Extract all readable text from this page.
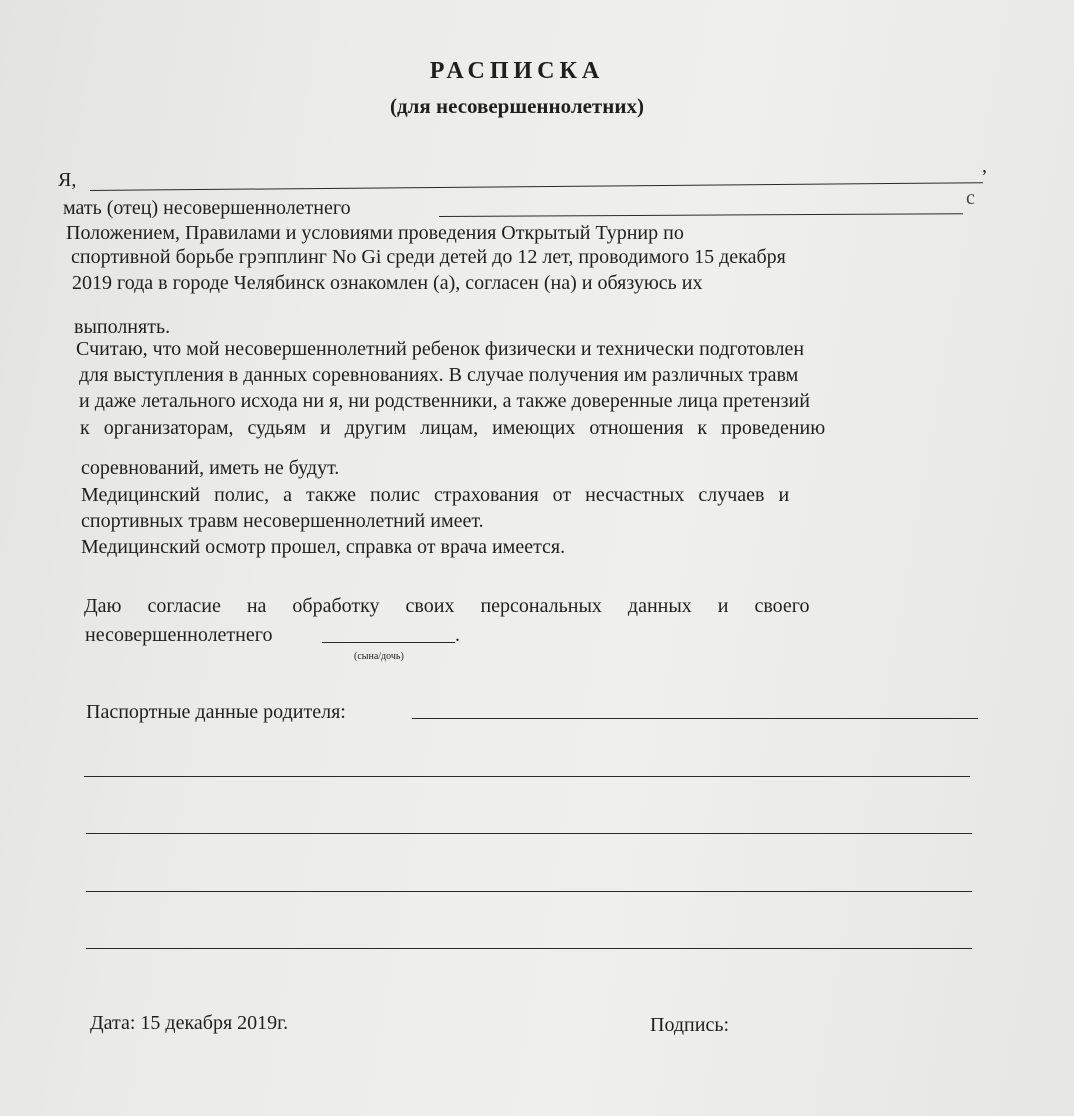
РАСПИСКА
(для несовершеннолетних)
Я,
,
мать (отец) несовершеннолетнего	с
Положением, Правилами и условиями проведения Открытый Турнир по
спортивной борьбе грэпплинг No Gi среди детей до 12 лет, проводимого 15 декабря
2019 года в городе Челябинск ознакомлен (а), согласен (на) и обязуюсь их
выполнять.
Считаю, что мой несовершеннолетний ребенок физически и технически подготовлен
для выступления в данных соревнованиях. В случае получения им различных травм
и даже летального исхода ни я, ни родственники, а также доверенные лица претензий
к организаторам, судьям и другим лицам, имеющих отношения к проведению
соревнований, иметь не будут.
Медицинский полис, а также полис страхования от несчастных случаев и
спортивных травм несовершеннолетний имеет.
Медицинский осмотр прошел, справка от врача имеется.
Даю согласие на обработку своих персональных данных и своего
несовершеннолетнего	.
(сына/дочь)
Паспортные данные родителя:
Дата: 15 декабря 2019г.	Подпись:
